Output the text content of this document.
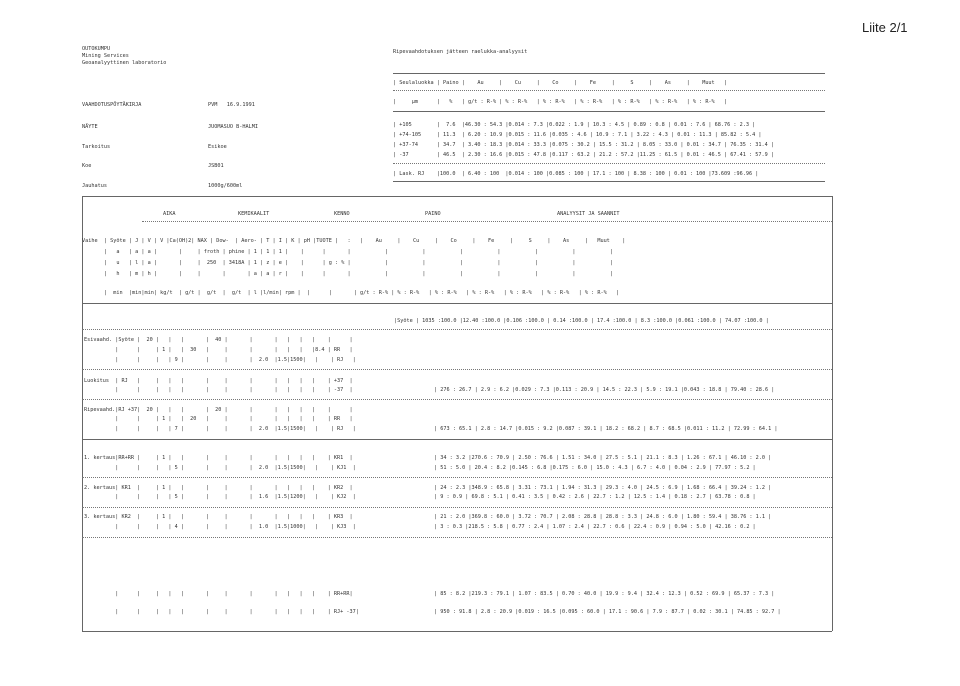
Liite 2/1
OUTOKUMPU
Mining Services
Geoanalyyttinen laboratorio
Ripevaahdotuksen jätteen raelukka-analyysit
VAAHDOTUSPÖYTÄKIRJA	PVM   16.9.1991
NÄYTE	JUOMASUO B-HALMI
Tarkoitus	Esikoe
Koe	JSB01
Jauhatus	1000g/600ml
| Seulaluokka | Paino |    Au     |    Cu     |    Co     |    Fe     |     S     |    As     |    Muut   |
|     μm      |   %   | g/t : R-% | % : R-%   | % : R-%   | % : R-%   | % : R-%   | % : R-%   | % : R-%   |
| +105        |  7.6  |46.30 : 54.3 |0.014 : 7.3 |0.022 : 1.9 | 10.3 : 4.5 | 0.89 : 0.8 | 0.01 : 7.6 | 68.76 : 2.3 |
| +74-105     | 11.3  | 6.20 : 10.9 |0.015 : 11.6 |0.035 : 4.6 | 10.9 : 7.1 | 3.22 : 4.3 | 0.01 : 11.3 | 85.82 : 5.4 |
| +37-74      | 34.7  | 3.40 : 18.3 |0.014 : 33.3 |0.075 : 30.2 | 15.5 : 31.2 | 8.05 : 33.0 | 0.01 : 34.7 | 76.35 : 31.4 |
| -37         | 46.5  | 2.30 : 16.6 |0.015 : 47.8 |0.117 : 63.2 | 21.2 : 57.2 |11.25 : 61.5 | 0.01 : 46.5 | 67.41 : 57.9 |
| Lask. RJ    |100.0  | 6.40 : 100  |0.014 : 100 |0.085 : 100 | 17.1 : 100 | 8.38 : 100 | 0.01 : 100 |73.609 :96.96 |
AIKA	KEMIKAALIT	KENNO	PAINO	ANALYYSIT JA SAANNIT
Vaihe  | Syöte | J | V | V |Ca(OH)2| NAX | Dow-  | Aero- | T | I | K | pH |TUOTE |   :   |    Au     |    Cu     |    Co     |    Fe     |     S     |    As     |   Muut    |
|   a   | a | a |       |     | froth | phine | 1 | 1 | 1 |    |      |       |           |           |           |           |           |           |           |
|   u   | l | a |       |     |  250  | 3418A | 1 | z | e |    |      | g : % |           |           |           |           |           |           |           |
|   h   | m | h |       |     |       |       | a | a | r |    |      |       |           |           |           |           |           |           |           |
|  min  |min|min| kg/t  | g/t |  g/t  |  g/t  | l |l/min| rpm |  |      |       | g/t : R-% | % : R-%   | % : R-%   | % : R-%   | % : R-%   | % : R-%   | % : R-%   |
|Syöte | 1035 :100.0 |12.40 :100.0 |0.106 :100.0 | 0.14 :100.0 | 17.4 :100.0 | 8.3 :100.0 |0.061 :100.0 | 74.07 :100.0 |
Esivaahd. |Syöte |  20 |   |   |       |  40 |       |       |   |   |   |    |      |
|      |     | 1 |   |  30   |     |       |       |   |   |   |8.4 | RR   |
|      |     |   | 9 |       |     |       |  2.0  |1.5|1500|   |    | RJ   |
Luokitus  | RJ   |     |   |   |       |     |       |       |   |   |   |    | +37  |
|      |     |   |   |       |     |       |       |   |   |   |    | -37  |	| 276 : 26.7 | 2.9 : 6.2 |0.029 : 7.3 |0.113 : 20.9 | 14.5 : 22.3 | 5.9 : 19.1 |0.043 : 18.8 | 79.40 : 28.6 |
Ripevaahd.|RJ +37|  20 |   |   |       |  20 |       |       |   |   |   |    |      |
|      |     | 1 |   |  20   |     |       |       |   |   |   |    | RR   |
|      |     |   | 7 |       |     |       |  2.0  |1.5|1500|   |    | RJ   |	| 673 : 65.1 | 2.8 : 14.7 |0.015 : 9.2 |0.087 : 39.1 | 18.2 : 68.2 | 8.7 : 68.5 |0.011 : 11.2 | 72.99 : 64.1 |
1. kertaus|RR+RR |     | 1 |   |       |     |       |       |   |   |   |    | KR1  |	| 34 : 3.2 |270.6 : 70.9 | 2.50 : 76.6 | 1.51 : 34.0 | 27.5 : 5.1 | 21.1 : 8.3 | 1.26 : 67.1 | 46.10 : 2.0 |
|      |     |   | 5 |       |     |       |  2.0  |1.5|1500|   |    | KJ1  |	| 51 : 5.0 | 20.4 : 8.2 |0.145 : 6.8 |0.175 : 6.0 | 15.0 : 4.3 | 6.7 : 4.0 | 0.04 : 2.9 | 77.97 : 5.2 |
2. kertaus| KR1  |     | 1 |   |       |     |       |       |   |   |   |    | KR2  |	| 24 : 2.3 |348.9 : 65.8 | 3.31 : 73.1 | 1.94 : 31.3 | 29.3 : 4.0 | 24.5 : 6.9 | 1.68 : 66.4 | 39.24 : 1.2 |
|      |     |   | 5 |       |     |       |  1.6  |1.5|1200|   |    | KJ2  |	| 9 : 0.9 | 69.8 : 5.1 | 0.41 : 3.5 | 0.42 : 2.6 | 22.7 : 1.2 | 12.5 : 1.4 | 0.18 : 2.7 | 63.78 : 0.8 |
3. kertaus| KR2  |     | 1 |   |       |     |       |       |   |   |   |    | KR3  |	| 21 : 2.0 |369.8 : 60.0 | 3.72 : 70.7 | 2.08 : 28.8 | 28.8 : 3.3 | 24.8 : 6.0 | 1.80 : 59.4 | 38.76 : 1.1 |
|      |     |   | 4 |       |     |       |  1.0  |1.5|1000|   |    | KJ3  |	| 3 : 0.3 |218.5 : 5.8 | 0.77 : 2.4 | 1.07 : 2.4 | 22.7 : 0.6 | 22.4 : 0.9 | 0.94 : 5.0 | 42.16 : 0.2 |
|      |     |   |   |       |     |       |       |   |   |   |    | RR+RR|	| 85 : 8.2 |219.3 : 79.1 | 1.07 : 83.5 | 0.70 : 40.0 | 19.9 : 9.4 | 32.4 : 12.3 | 0.52 : 69.9 | 65.37 : 7.3 |
|      |     |   |   |       |     |       |       |   |   |   |    | RJ+ -37|	| 950 : 91.8 | 2.8 : 20.9 |0.019 : 16.5 |0.095 : 60.0 | 17.1 : 90.6 | 7.9 : 87.7 | 0.02 : 30.1 | 74.85 : 92.7 |
